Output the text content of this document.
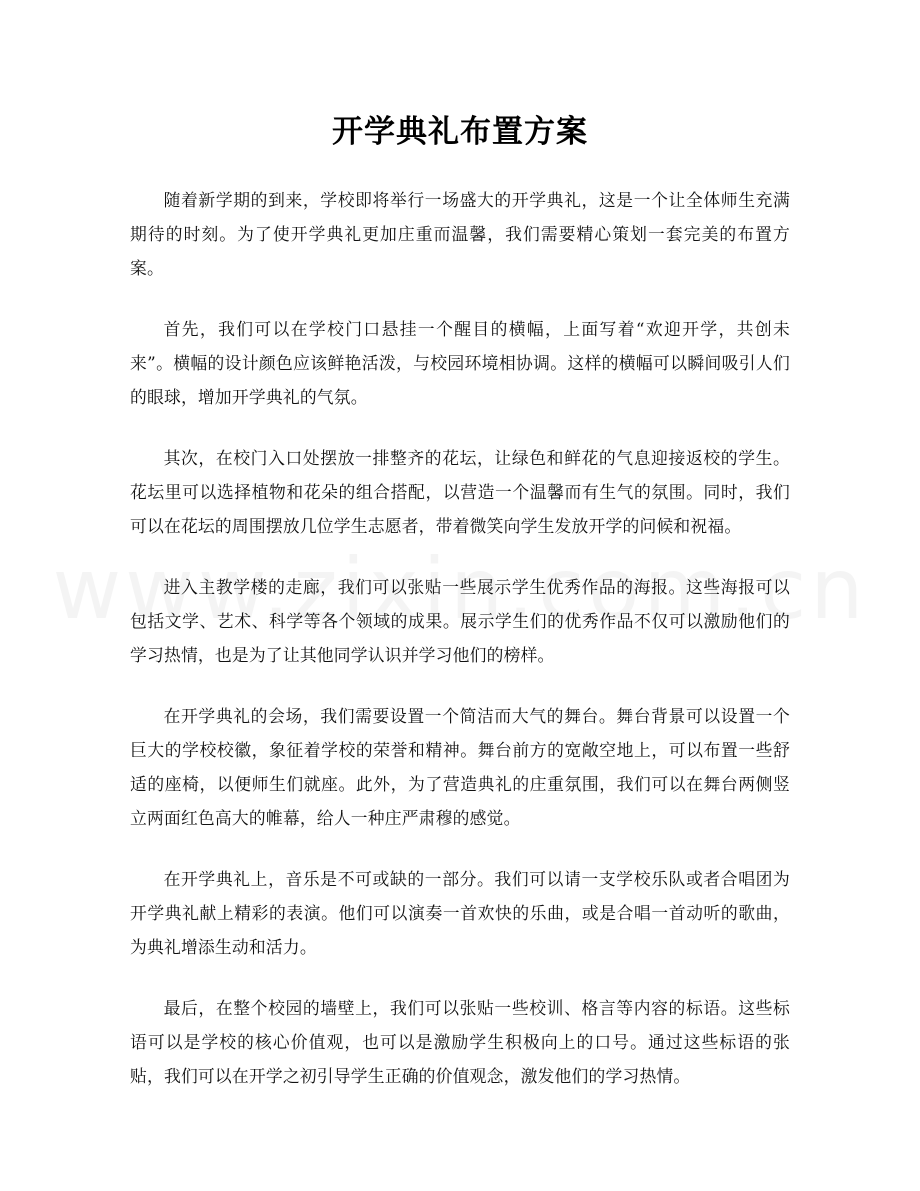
开学典礼布置方案

随着新学期的到来，学校即将举行一场盛大的开学典礼，这是一个让全体师生充满期待的时刻。为了使开学典礼更加庄重而温馨，我们需要精心策划一套完美的布置方案。

首先，我们可以在学校门口悬挂一个醒目的横幅，上面写着“欢迎开学，共创未来”。横幅的设计颜色应该鲜艳活泼，与校园环境相协调。这样的横幅可以瞬间吸引人们的眼球，增加开学典礼的气氛。

其次，在校门入口处摆放一排整齐的花坛，让绿色和鲜花的气息迎接返校的学生。花坛里可以选择植物和花朵的组合搭配，以营造一个温馨而有生气的氛围。同时，我们可以在花坛的周围摆放几位学生志愿者，带着微笑向学生发放开学的问候和祝福。

进入主教学楼的走廊，我们可以张贴一些展示学生优秀作品的海报。这些海报可以包括文学、艺术、科学等各个领域的成果。展示学生们的优秀作品不仅可以激励他们的学习热情，也是为了让其他同学认识并学习他们的榜样。

在开学典礼的会场，我们需要设置一个简洁而大气的舞台。舞台背景可以设置一个巨大的学校校徽，象征着学校的荣誉和精神。舞台前方的宽敞空地上，可以布置一些舒适的座椅，以便师生们就座。此外，为了营造典礼的庄重氛围，我们可以在舞台两侧竖立两面红色高大的帷幕，给人一种庄严肃穆的感觉。

在开学典礼上，音乐是不可或缺的一部分。我们可以请一支学校乐队或者合唱团为开学典礼献上精彩的表演。他们可以演奏一首欢快的乐曲，或是合唱一首动听的歌曲，为典礼增添生动和活力。

最后，在整个校园的墙壁上，我们可以张贴一些校训、格言等内容的标语。这些标语可以是学校的核心价值观，也可以是激励学生积极向上的口号。通过这些标语的张贴，我们可以在开学之初引导学生正确的价值观念，激发他们的学习热情。
